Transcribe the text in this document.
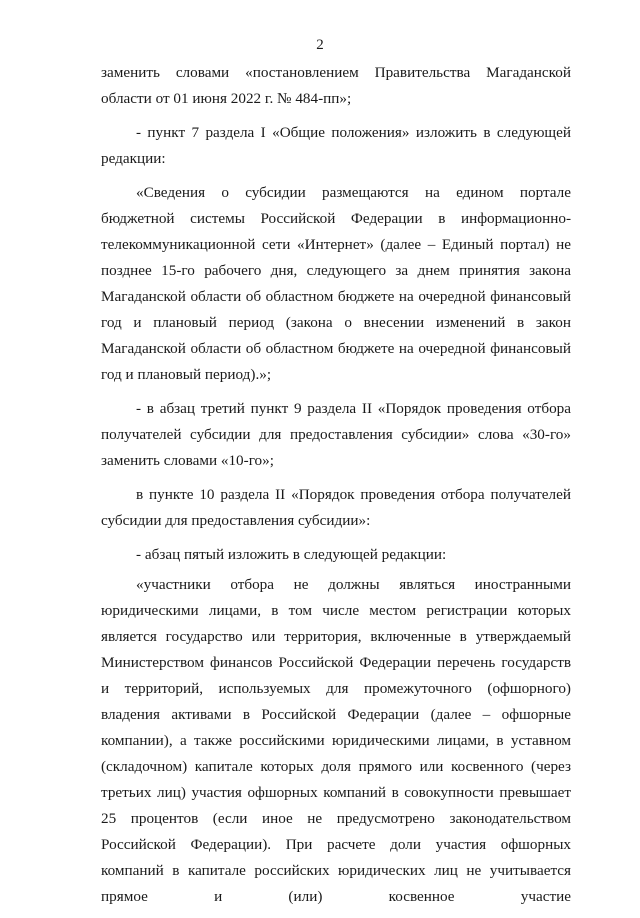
2

заменить словами «постановлением Правительства Магаданской области от 01 июня 2022 г. № 484-пп»;

- пункт 7 раздела I «Общие положения» изложить в следующей редакции:

«Сведения о субсидии размещаются на едином портале бюджетной системы Российской Федерации в информационно-телекоммуникационной сети «Интернет» (далее – Единый портал) не позднее 15-го рабочего дня, следующего за днем принятия закона Магаданской области об областном бюджете на очередной финансовый год и плановый период (закона о внесении изменений в закон Магаданской области об областном бюджете на очередной финансовый год и плановый период).»;

- в абзац третий пункт 9 раздела II «Порядок проведения отбора получателей субсидии для предоставления субсидии» слова «30-го» заменить словами «10-го»;

в пункте 10 раздела II «Порядок проведения отбора получателей субсидии для предоставления субсидии»:

- абзац пятый изложить в следующей редакции:

«участники отбора не должны являться иностранными юридическими лицами, в том числе местом регистрации которых является государство или территория, включенные в утверждаемый Министерством финансов Российской Федерации перечень государств и территорий, используемых для промежуточного (офшорного) владения активами в Российской Федерации (далее – офшорные компании), а также российскими юридическими лицами, в уставном (складочном) капитале которых доля прямого или косвенного (через третьих лиц) участия офшорных компаний в совокупности превышает 25 процентов (если иное не предусмотрено законодательством Российской Федерации). При расчете доли участия офшорных компаний в капитале российских юридических лиц не учитывается прямое и (или) косвенное участие
